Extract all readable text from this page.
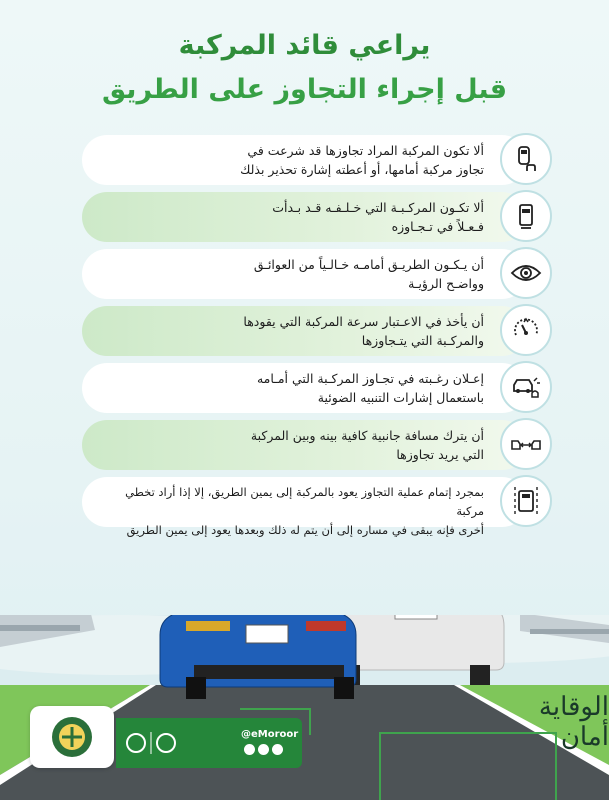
يراعي قائد المركبة
قبل إجراء التجاوز على الطريق
ألا تكون المركبة المراد تجاوزها قد شرعت في
تجاوز مركبة أمامها، أو أعطته إشارة تحذير بذلك
ألا تكـون المركـبـة التي خـلـفـه قـد بـدأت
فـعـلاً في تـجـاوزه
أن يـكـون الطريـق أمامـه خـالـياً من العوائـق
وواضـح الرؤيـة
أن يأخذ في الاعـتبار سرعة المركبة التي يقودها
والمركـبة التي يتـجاوزها
إعـلان رغـبته في تجـاوز المركـبة التي أمـامه
باستعمال إشارات التنبيه الضوئية
أن يترك مسافة جانبية كافية بينه وبين المركبة
التي يريد تجاوزها
بمجرد إتمام عملية التجاوز يعود بالمركبة إلى يمين الطريق، إلا إذا أراد تخطي مركبة
أخرى فإنه يبقى في مساره إلى أن يتم له ذلك وبعدها يعود إلى يمين الطريق
@eMoroor
الوقاية أمان
